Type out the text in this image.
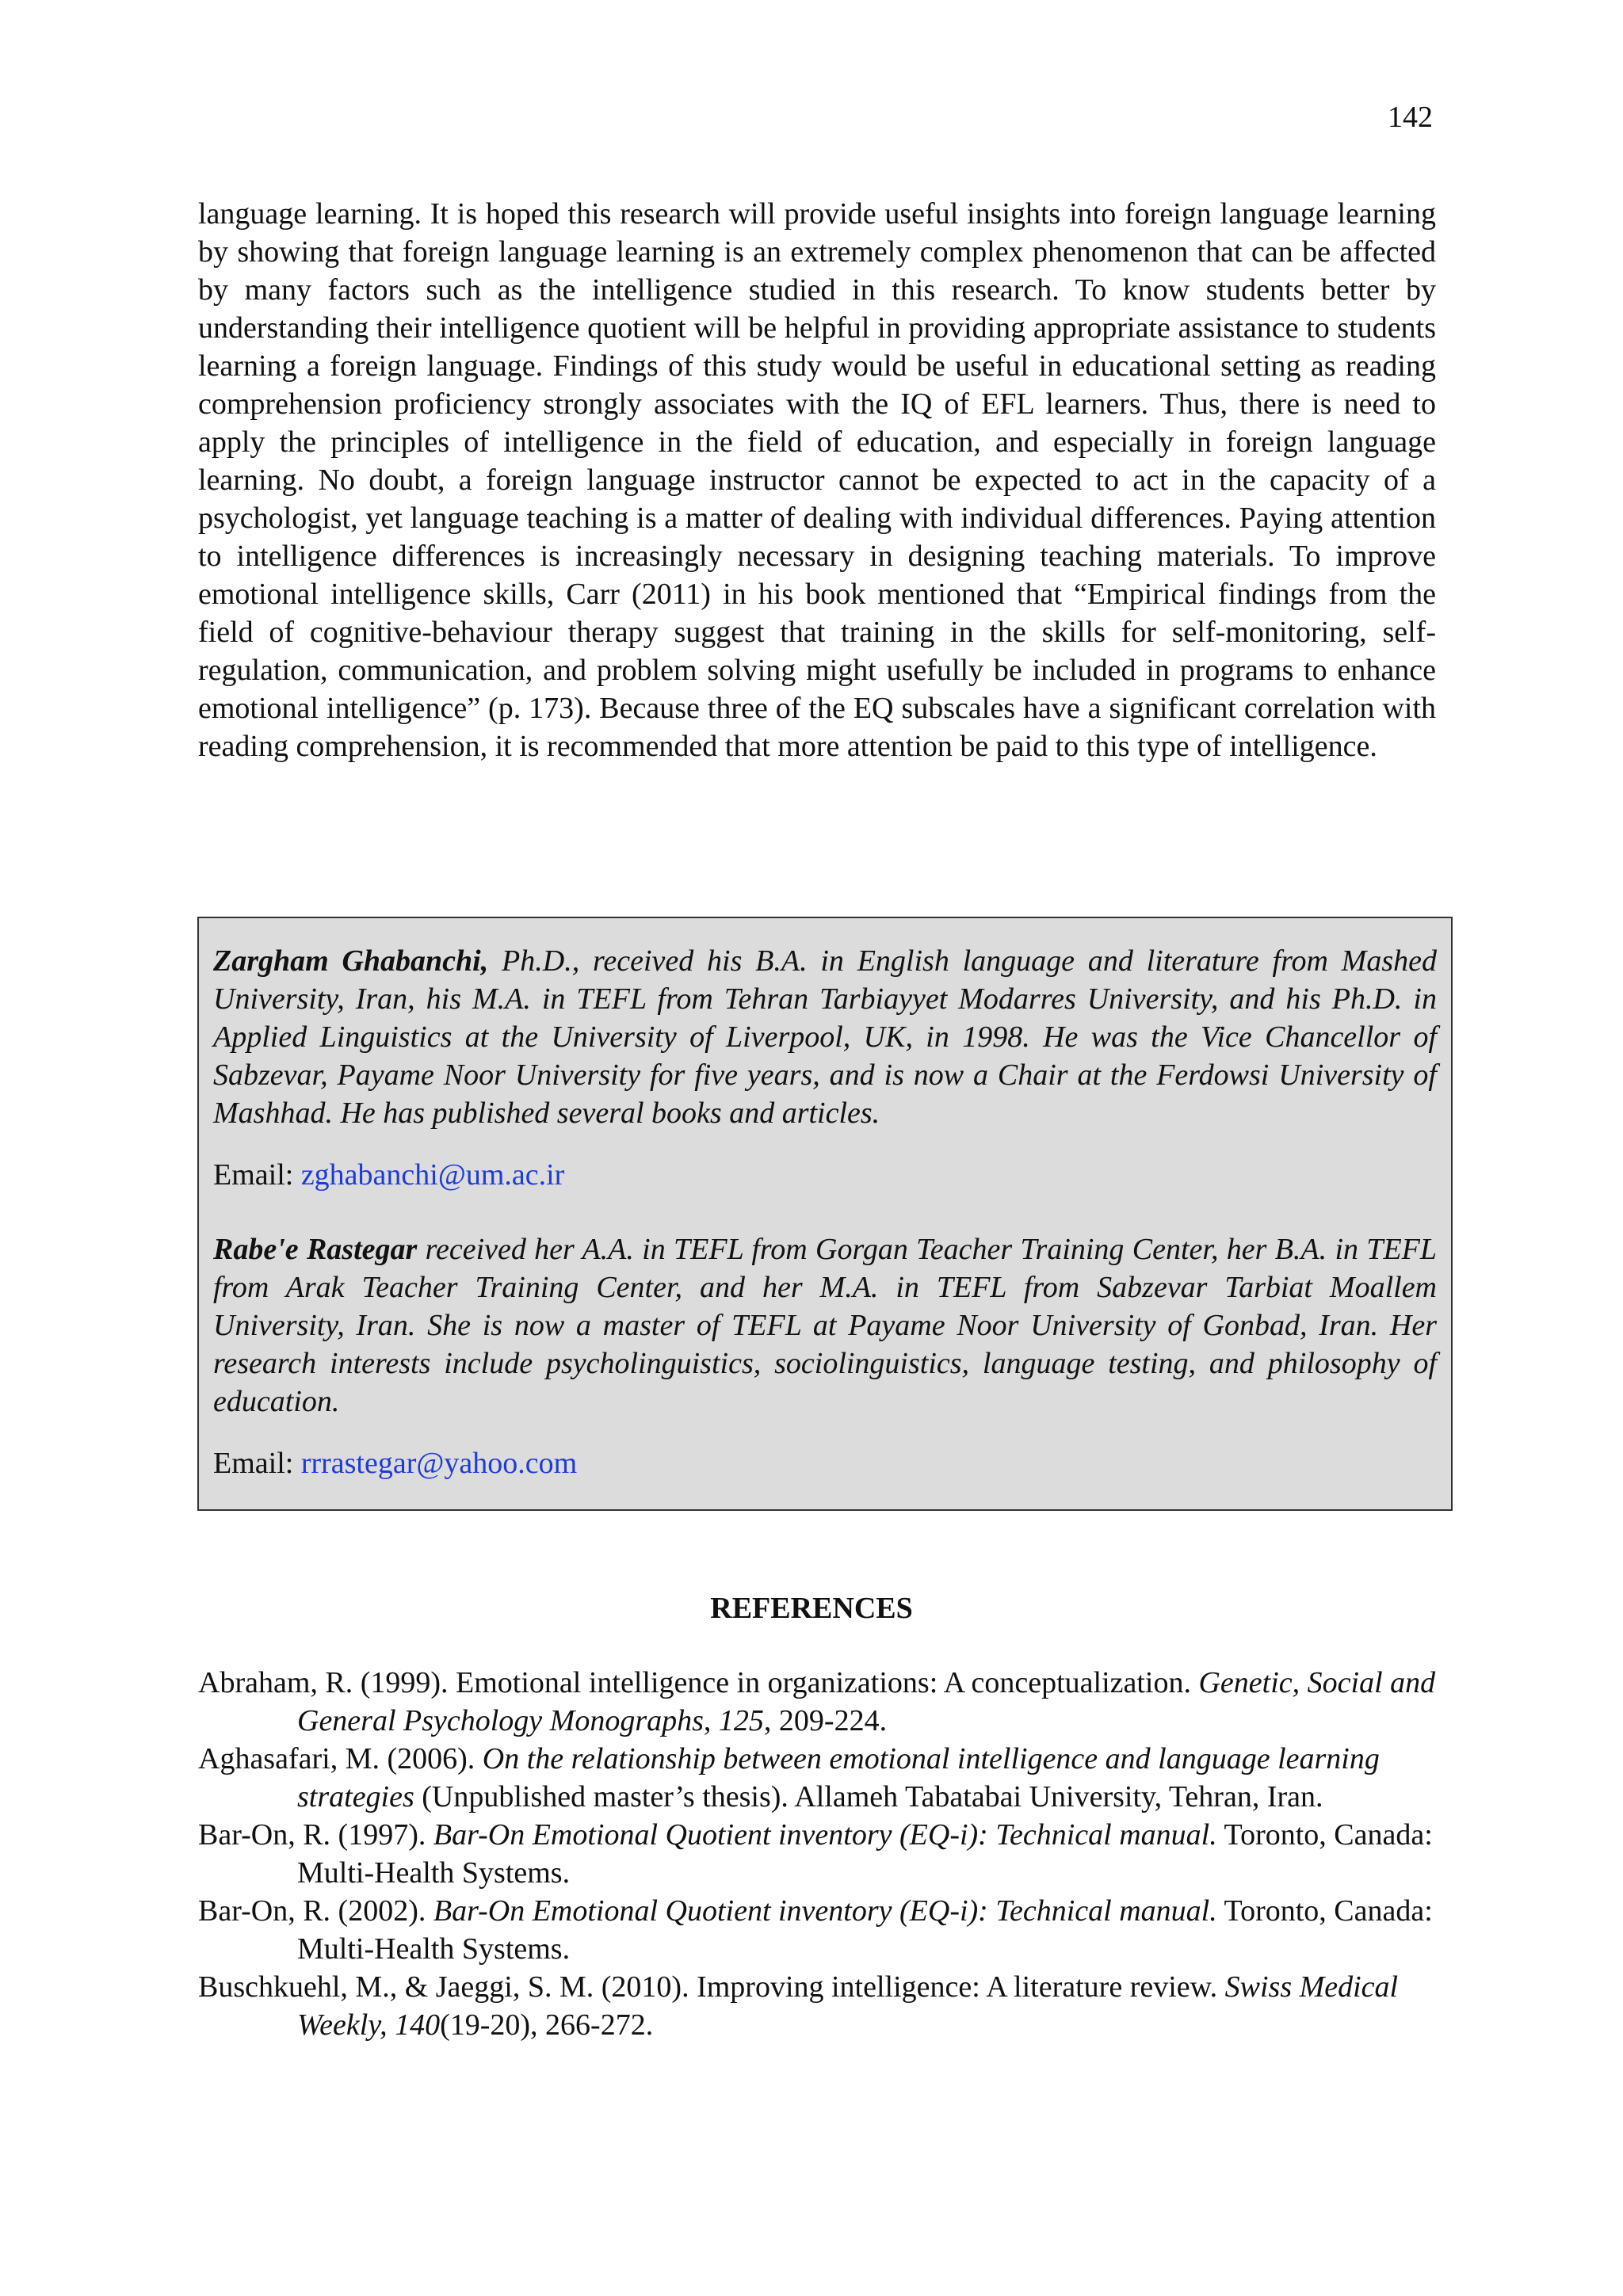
142

language learning. It is hoped this research will provide useful insights into foreign language learning by showing that foreign language learning is an extremely complex phenomenon that can be affected by many factors such as the intelligence studied in this research. To know students better by understanding their intelligence quotient will be helpful in providing appropriate assistance to students learning a foreign language. Findings of this study would be useful in educational setting as reading comprehension proficiency strongly associates with the IQ of EFL learners. Thus, there is need to apply the principles of intelligence in the field of education, and especially in foreign language learning. No doubt, a foreign language instructor cannot be expected to act in the capacity of a psychologist, yet language teaching is a matter of dealing with individual differences. Paying attention to intelligence differences is increasingly necessary in designing teaching materials. To improve emotional intelligence skills, Carr (2011) in his book mentioned that “Empirical findings from the field of cognitive-behaviour therapy suggest that training in the skills for self-monitoring, self-regulation, communication, and problem solving might usefully be included in programs to enhance emotional intelligence” (p. 173). Because three of the EQ subscales have a significant correlation with reading comprehension, it is recommended that more attention be paid to this type of intelligence.

Zargham Ghabanchi, Ph.D., received his B.A. in English language and literature from Mashed University, Iran, his M.A. in TEFL from Tehran Tarbiayyet Modarres University, and his Ph.D. in Applied Linguistics at the University of Liverpool, UK, in 1998. He was the Vice Chancellor of Sabzevar, Payame Noor University for five years, and is now a Chair at the Ferdowsi University of Mashhad. He has published several books and articles.

Email: zghabanchi@um.ac.ir

Rabe'e Rastegar received her A.A. in TEFL from Gorgan Teacher Training Center, her B.A. in TEFL from Arak Teacher Training Center, and her M.A. in TEFL from Sabzevar Tarbiat Moallem University, Iran. She is now a master of TEFL at Payame Noor University of Gonbad, Iran. Her research interests include psycholinguistics, sociolinguistics, language testing, and philosophy of education.

Email: rrrastegar@yahoo.com

REFERENCES
Abraham, R. (1999). Emotional intelligence in organizations: A conceptualization. Genetic, Social and General Psychology Monographs, 125, 209-224.
Aghasafari, M. (2006). On the relationship between emotional intelligence and language learning strategies (Unpublished master’s thesis). Allameh Tabatabai University, Tehran, Iran.
Bar-On, R. (1997). Bar-On Emotional Quotient inventory (EQ-i): Technical manual. Toronto, Canada: Multi-Health Systems.
Bar-On, R. (2002). Bar-On Emotional Quotient inventory (EQ-i): Technical manual. Toronto, Canada: Multi-Health Systems.
Buschkuehl, M., & Jaeggi, S. M. (2010). Improving intelligence: A literature review. Swiss Medical Weekly, 140(19-20), 266-272.
